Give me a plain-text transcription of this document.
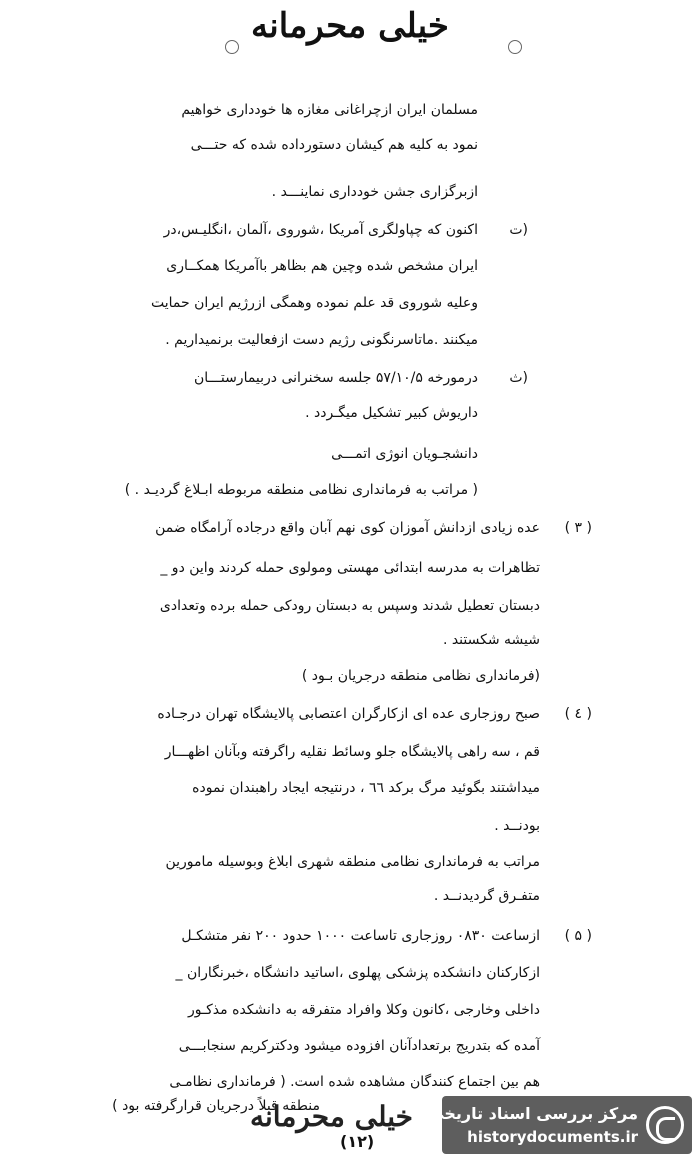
خیلی محرمانه
مسلمان ایران ازچراغانی مغازه ها خودداری خواهیم
نمود به کلیه هم کیشان دستورداده شده که حتـــی
ازبرگزاری جشن خودداری نماینـــد .
(ت
اکنون که چپاولگری آمریکا ،شوروی ،آلمان ،انگلیـس،در
ایران مشخص شده وچین هم بظاهر باآمریکا همکــاری
وعلیه شوروی قد علم نموده وهمگی ازرژیم ایران حمایت
میکنند .ماتاسرنگونی رژیم دست ازفعالیت برنمیداریم .
(ث
درمورخه ۵۷/۱۰/۵ جلسه سخنرانی دربیمارستـــان
داریوش کبیر تشکیل میگـردد .
دانشجـویان انوژی اتمـــی
( مراتب به فرمانداری نظامی منطقه مربوطه ابـلاغ گردیـد . )
( ۳ )
عده زیادی ازدانش آموزان کوی نهم آبان واقع درجاده آرامگاه ضمن
تظاهرات به مدرسه ابتدائی مهستی ومولوی حمله کردند واین دو _
دبستان تعطیل شدند وسپس به دبستان رودکی حمله برده وتعدادی
شیشه شکستند .
(فرمانداری نظامی منطقه درجریان بـود )
( ٤ )
صبح روزجاری عده ای ازکارگران اعتصابی پالایشگاه تهران درجـاده
قم ، سه راهی پالایشگاه جلو وسائط نقلیه راگرفته وبآنان اظهـــار
میداشتند بگوئید مرگ برکد ٦٦ ، درنتیجه ایجاد راهبندان نموده
بودنــد .
مراتب به فرمانداری نظامی منطقه شهری ابلاغ وبوسیله مامورین
متفـرق گردیدنــد .
( ۵ )
ازساعت ۰۸۳۰ روزجاری تاساعت ۱۰۰۰ حدود ۲۰۰ نفر متشکـل
ازکارکنان دانشکده پزشکی پهلوی ،اساتید دانشگاه ،خبرنگاران _
داخلی وخارجی ،کانون وکلا وافراد متفرقه به دانشکده مذکـور
آمده که بتدریج برتعدادآنان افزوده میشود ودکترکریم سنجابـــی
هم بین اجتماع کنندگان مشاهده شده است. ( فرمانداری نظامـی
منطقه قبلاً درجریان قرارگرفته بود )
خیلی محرمانه
(۱۲)
مرکز بررسی اسناد تاریخی
historydocuments.ir
